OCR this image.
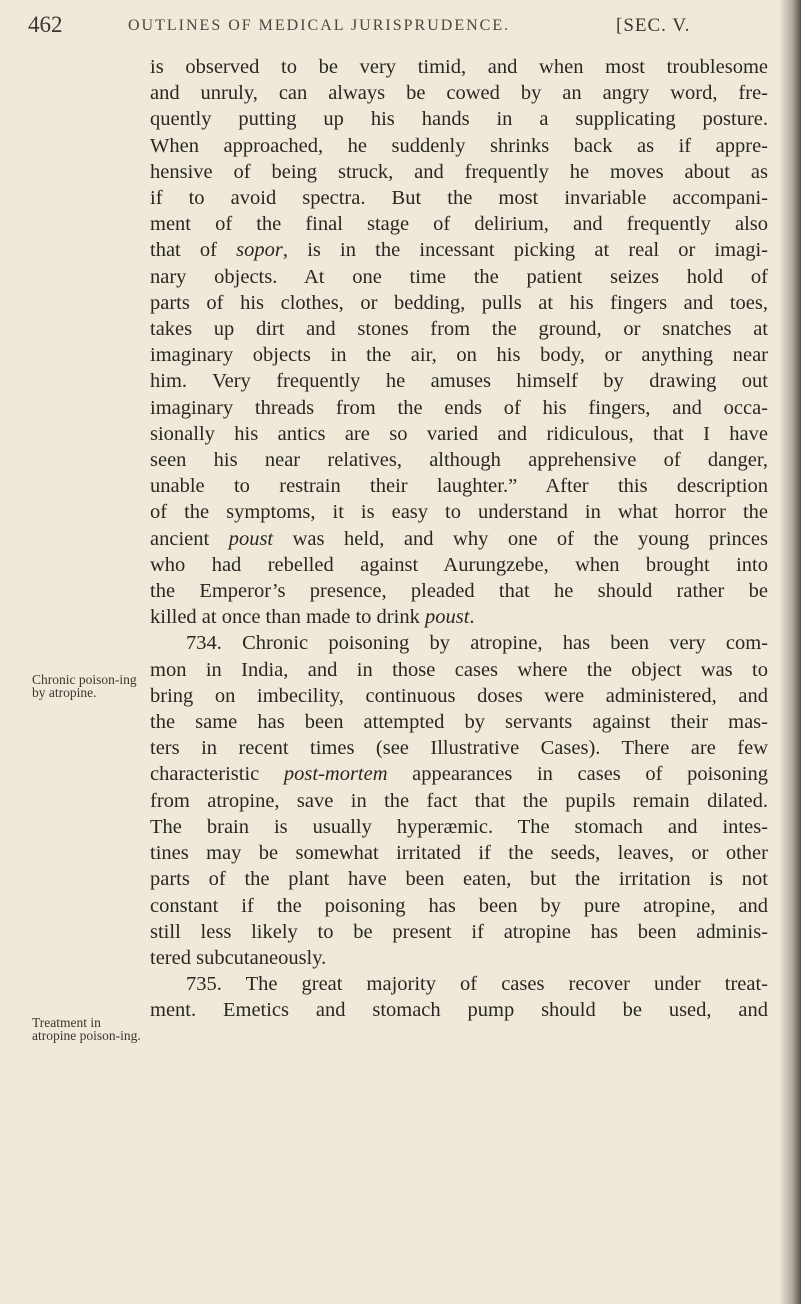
462	OUTLINES OF MEDICAL JURISPRUDENCE.	[SEC. V.

is observed to be very timid, and when most troublesome
and unruly, can always be cowed by an angry word, fre-
quently putting up his hands in a supplicating posture.
When approached, he suddenly shrinks back as if appre-
hensive of being struck, and frequently he moves about as
if to avoid spectra. But the most invariable accompani-
ment of the final stage of delirium, and frequently also
that of sopor, is in the incessant picking at real or imagi-
nary objects. At one time the patient seizes hold of
parts of his clothes, or bedding, pulls at his fingers and toes,
takes up dirt and stones from the ground, or snatches at
imaginary objects in the air, on his body, or anything near
him. Very frequently he amuses himself by drawing out
imaginary threads from the ends of his fingers, and occa-
sionally his antics are so varied and ridiculous, that I have
seen his near relatives, although apprehensive of danger,
unable to restrain their laughter.” After this description
of the symptoms, it is easy to understand in what horror the
ancient poust was held, and why one of the young princes
who had rebelled against Aurungzebe, when brought into
the Emperor’s presence, pleaded that he should rather be
killed at once than made to drink poust.

734. Chronic poisoning by atropine, has been very com-
mon in India, and in those cases where the object was to
bring on imbecility, continuous doses were administered, and
the same has been attempted by servants against their mas-
ters in recent times (see Illustrative Cases). There are few
characteristic post-mortem appearances in cases of poisoning
from atropine, save in the fact that the pupils remain dilated.
The brain is usually hyperæmic. The stomach and intes-
tines may be somewhat irritated if the seeds, leaves, or other
parts of the plant have been eaten, but the irritation is not
constant if the poisoning has been by pure atropine, and
still less likely to be present if atropine has been adminis-
tered subcutaneously.

735. The great majority of cases recover under treat-
ment. Emetics and stomach pump should be used, and

Chronic poison-ing by atropine.
Treatment in atropine poison-ing.
